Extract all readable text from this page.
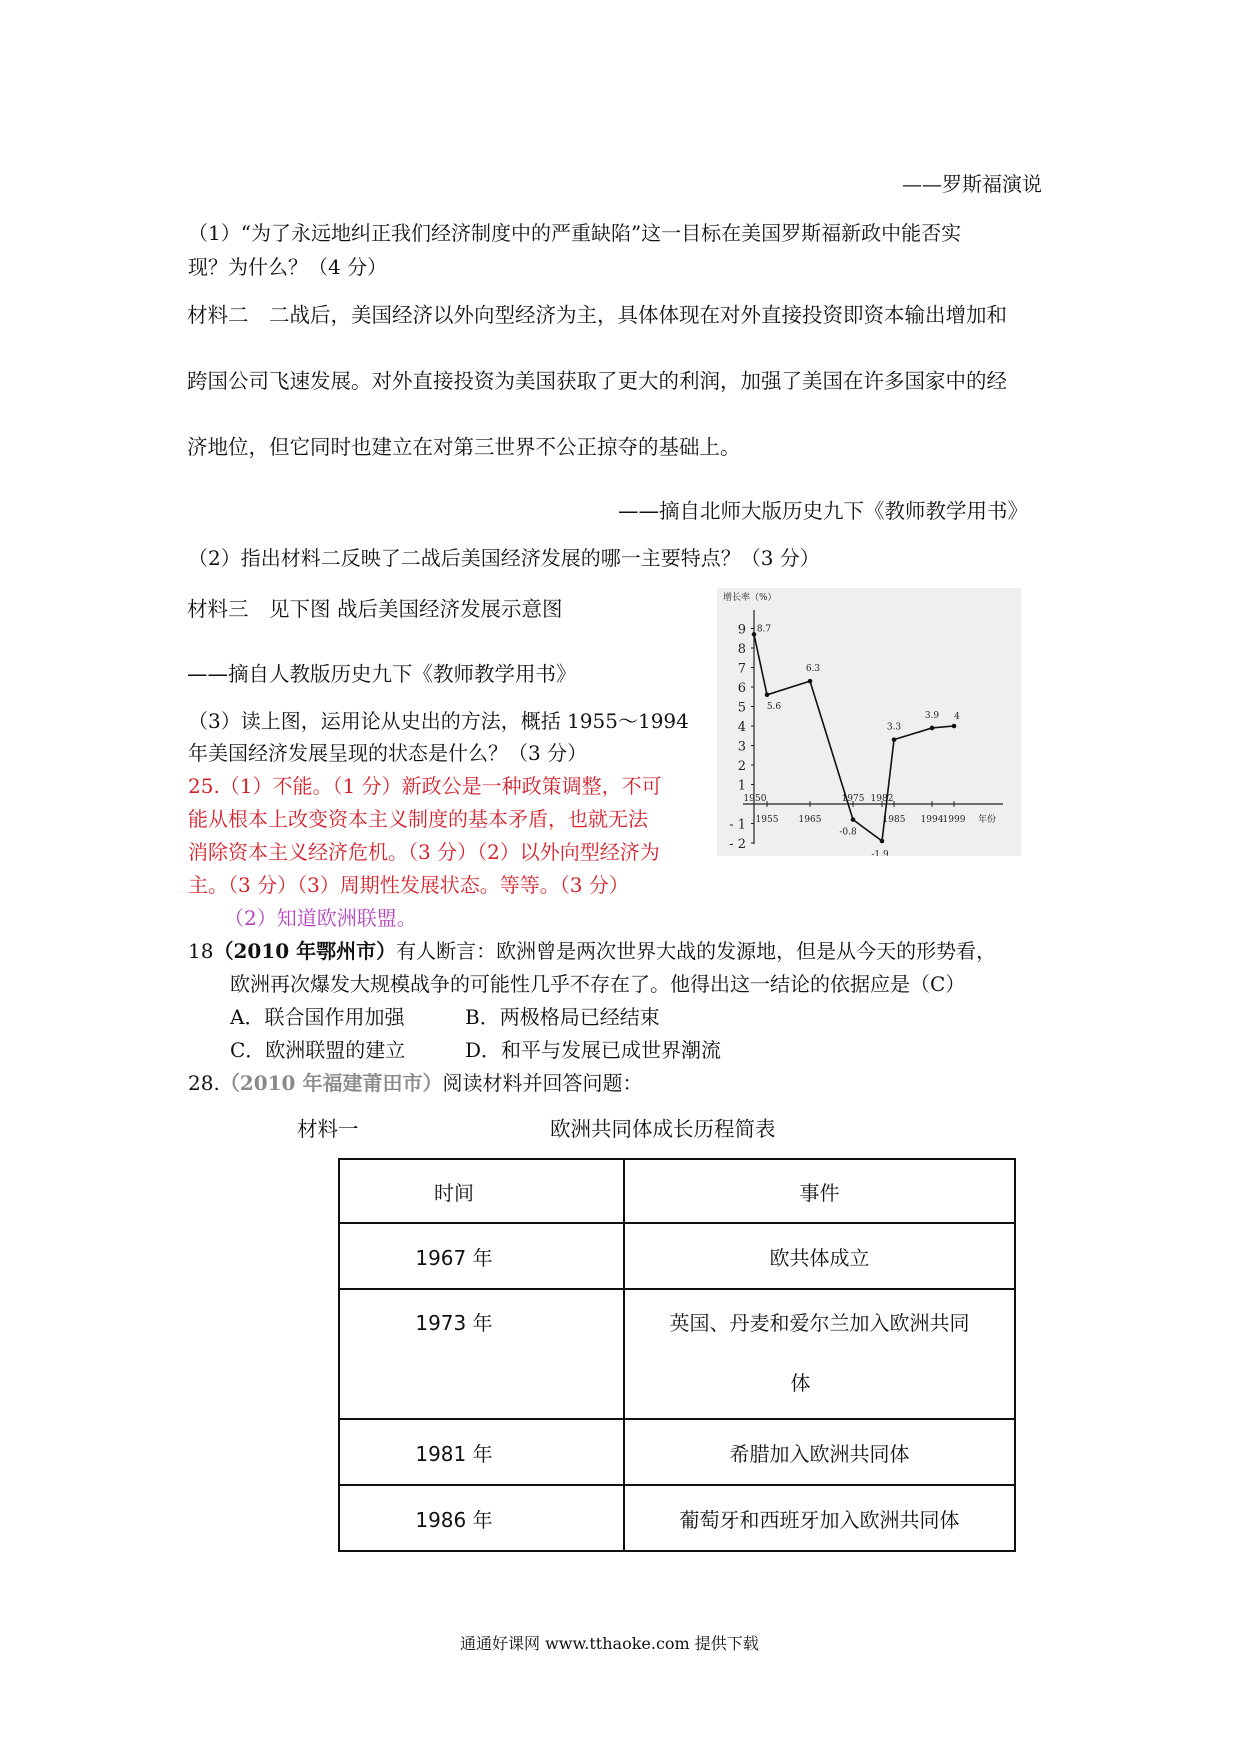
——罗斯福演说
（1）“为了永远地纠正我们经济制度中的严重缺陷”这一目标在美国罗斯福新政中能否实
现？为什么？（4 分）
材料二　二战后，美国经济以外向型经济为主，具体体现在对外直接投资即资本输出增加和
跨国公司飞速发展。对外直接投资为美国获取了更大的利润，加强了美国在许多国家中的经
济地位，但它同时也建立在对第三世界不公正掠夺的基础上。
——摘自北师大版历史九下《教师教学用书》
（2）指出材料二反映了二战后美国经济发展的哪一主要特点？（3 分）
材料三　见下图 战后美国经济发展示意图
——摘自人教版历史九下《教师教学用书》
（3）读上图，运用论从史出的方法，概括 1955～1994
年美国经济发展呈现的状态是什么？（3 分）
25.（1）不能。（1 分）新政公是一种政策调整，不可
能从根本上改变资本主义制度的基本矛盾，也就无法
消除资本主义经济危机。（3 分）（2）以外向型经济为
主。（3 分）（3）周期性发展状态。等等。（3 分）
（2）知道欧洲联盟。
增长率（%）
9
8
7
6
5
4
3
2
1
- 1
- 2
1950
1955 1965
1975 1982
1985 1994 1999 年份
8.7
5.6
6.3
-0.8
-1.9
3.3
3.9 4
18（2010 年鄂州市）有人断言：欧洲曾是两次世界大战的发源地，但是从今天的形势看，
欧洲再次爆发大规模战争的可能性几乎不存在了。他得出这一结论的依据应是（C）
A．联合国作用加强	B．两极格局已经结束
C．欧洲联盟的建立	D．和平与发展已成世界潮流
28.（2010 年福建莆田市）阅读材料并回答问题：
材料一	欧洲共同体成长历程简表
时间	事件
1967 年	欧共体成立
1973 年	英国、丹麦和爱尔兰加入欧洲共同
体

1981 年	希腊加入欧洲共同体
1986 年	葡萄牙和西班牙加入欧洲共同体
通通好课网 www.tthaoke.com 提供下载
